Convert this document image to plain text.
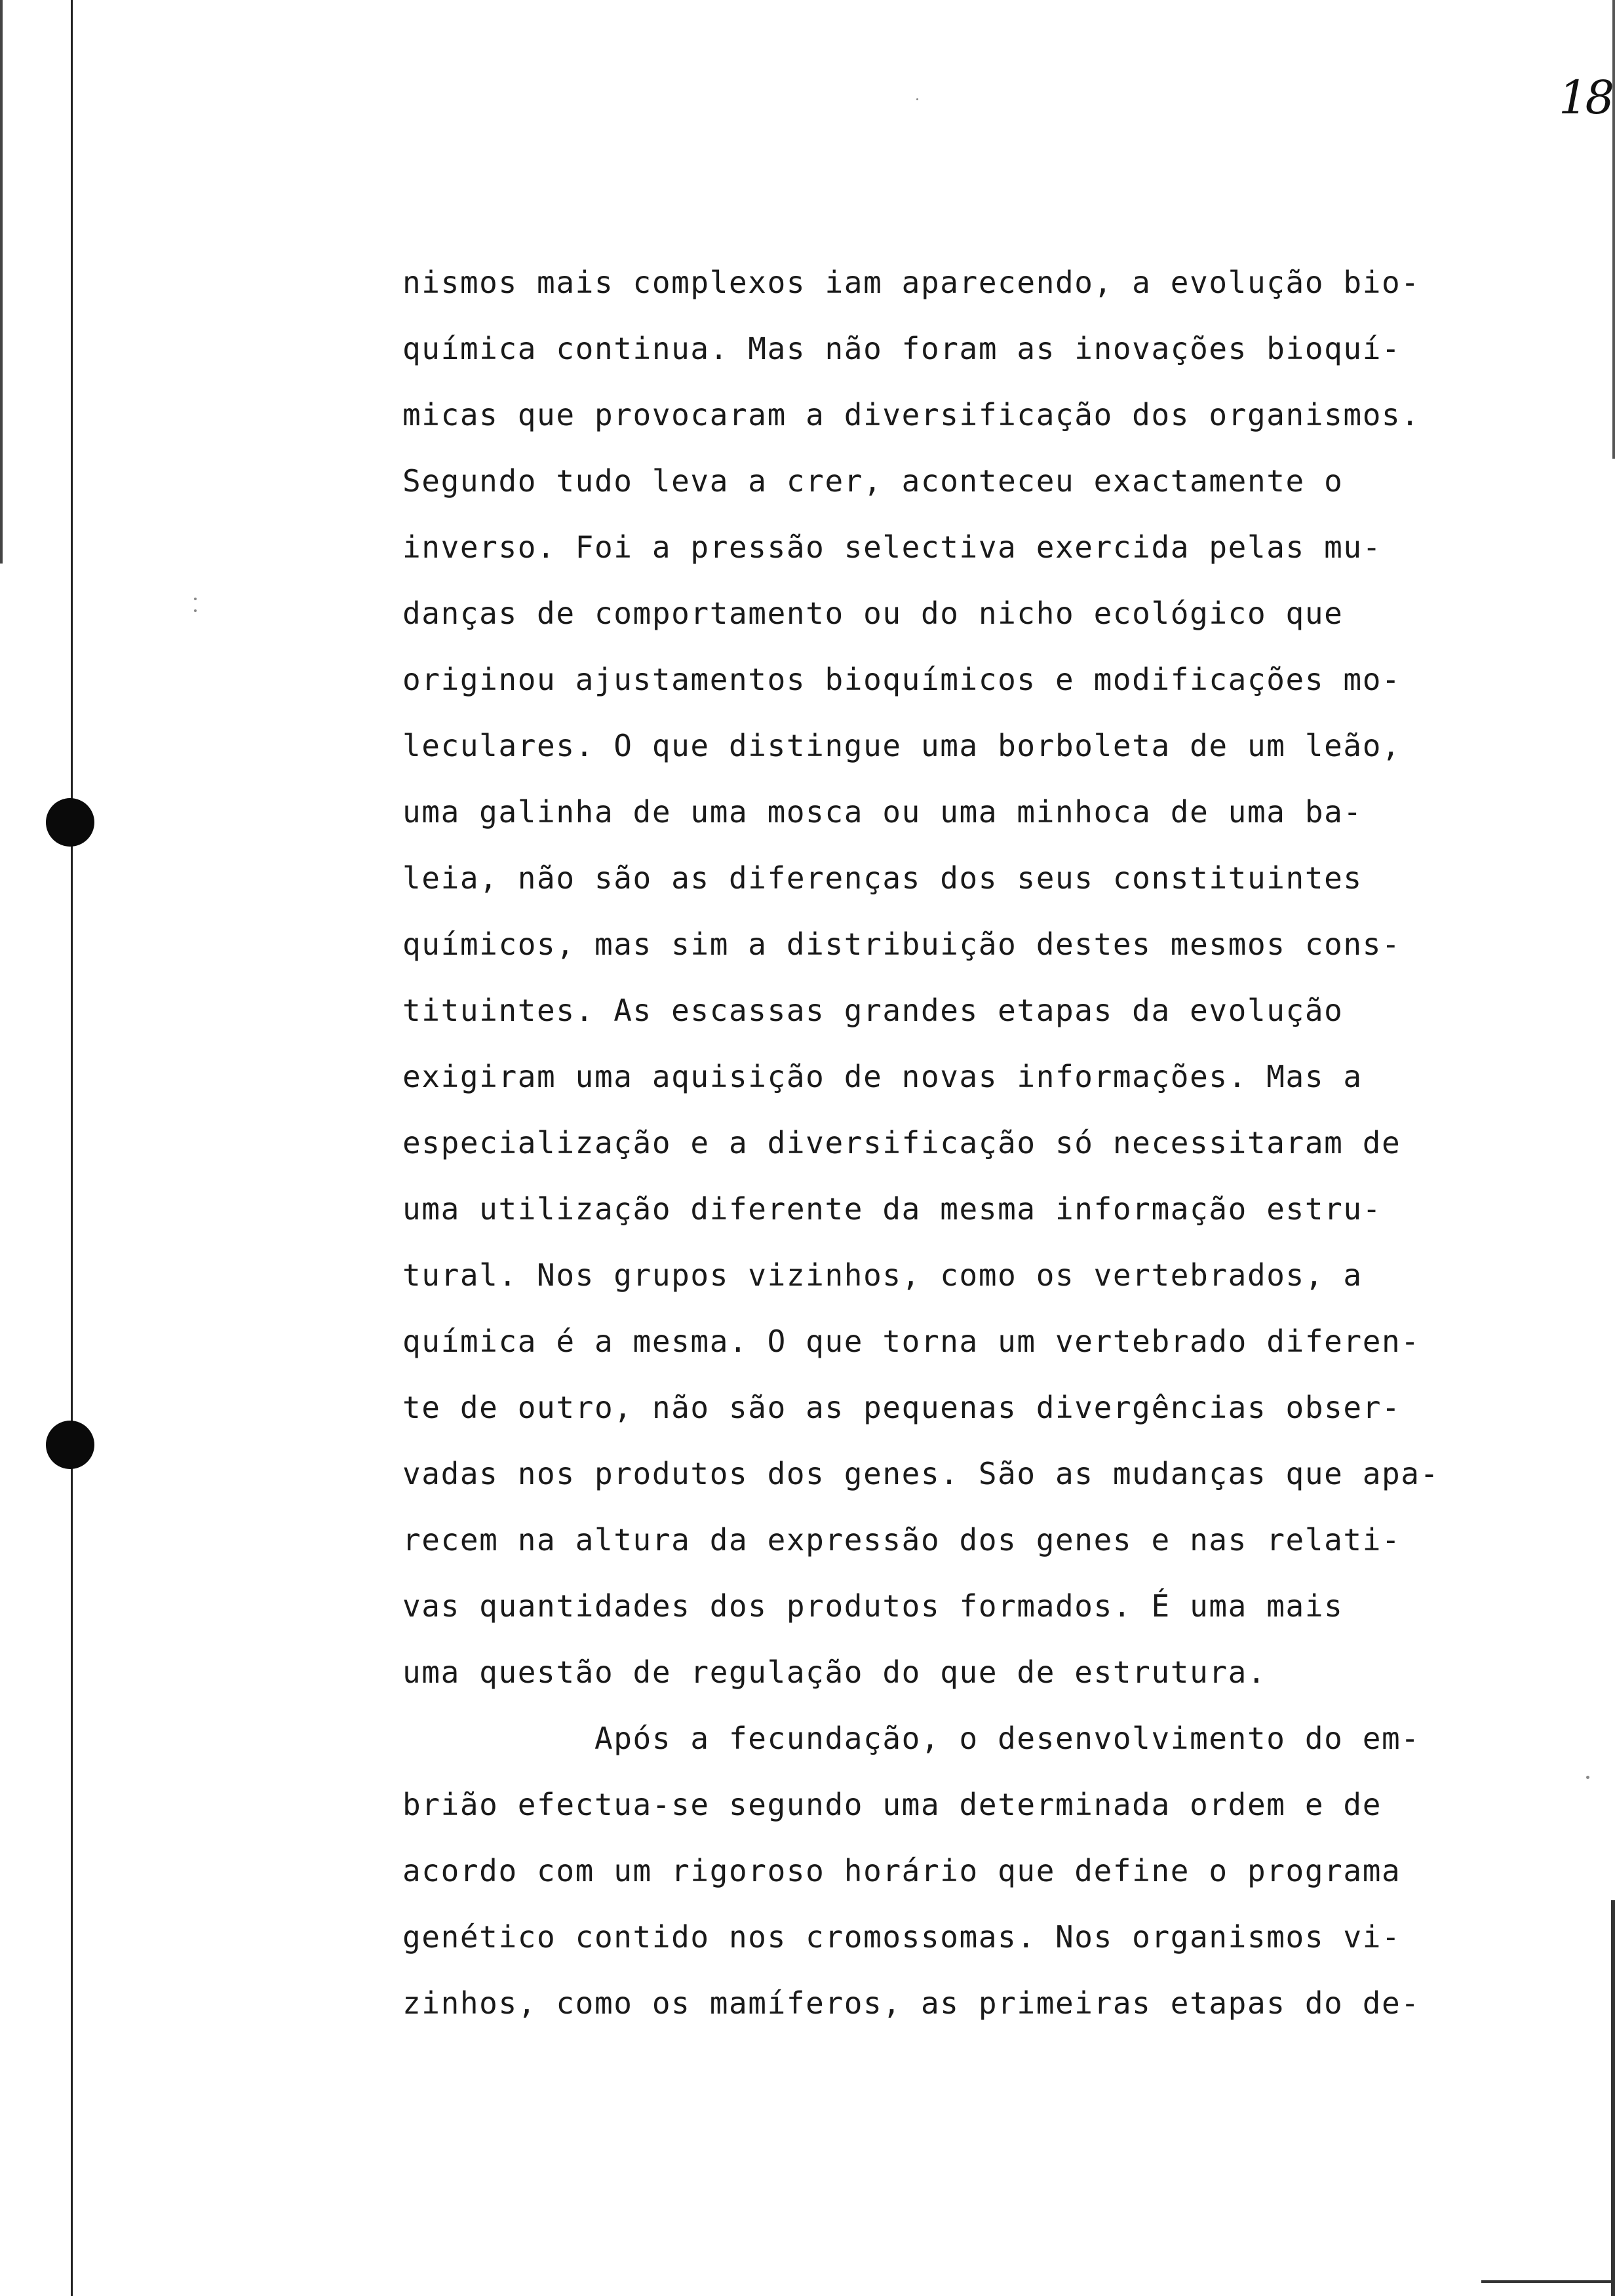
18
nismos mais complexos iam aparecendo, a evolução bio-
química continua. Mas não foram as inovações bioquí-
micas que provocaram a diversificação dos organismos.
Segundo tudo leva a crer, aconteceu exactamente o
inverso. Foi a pressão selectiva exercida pelas mu-
danças de comportamento ou do nicho ecológico que
originou ajustamentos bioquímicos e modificações mo-
leculares. O que distingue uma borboleta de um leão,
uma galinha de uma mosca ou uma minhoca de uma ba-
leia, não são as diferenças dos seus constituintes
químicos, mas sim a distribuição destes mesmos cons-
tituintes. As escassas grandes etapas da evolução
exigiram uma aquisição de novas informações. Mas a
especialização e a diversificação só necessitaram de
uma utilização diferente da mesma informação estru-
tural. Nos grupos vizinhos, como os vertebrados, a
química é a mesma. O que torna um vertebrado diferen-
te de outro, não são as pequenas divergências obser-
vadas nos produtos dos genes. São as mudanças que apa-
recem na altura da expressão dos genes e nas relati-
vas quantidades dos produtos formados. É uma mais
uma questão de regulação do que de estrutura.
Após a fecundação, o desenvolvimento do em-
brião efectua-se segundo uma determinada ordem e de
acordo com um rigoroso horário que define o programa
genético contido nos cromossomas. Nos organismos vi-
zinhos, como os mamíferos, as primeiras etapas do de-
